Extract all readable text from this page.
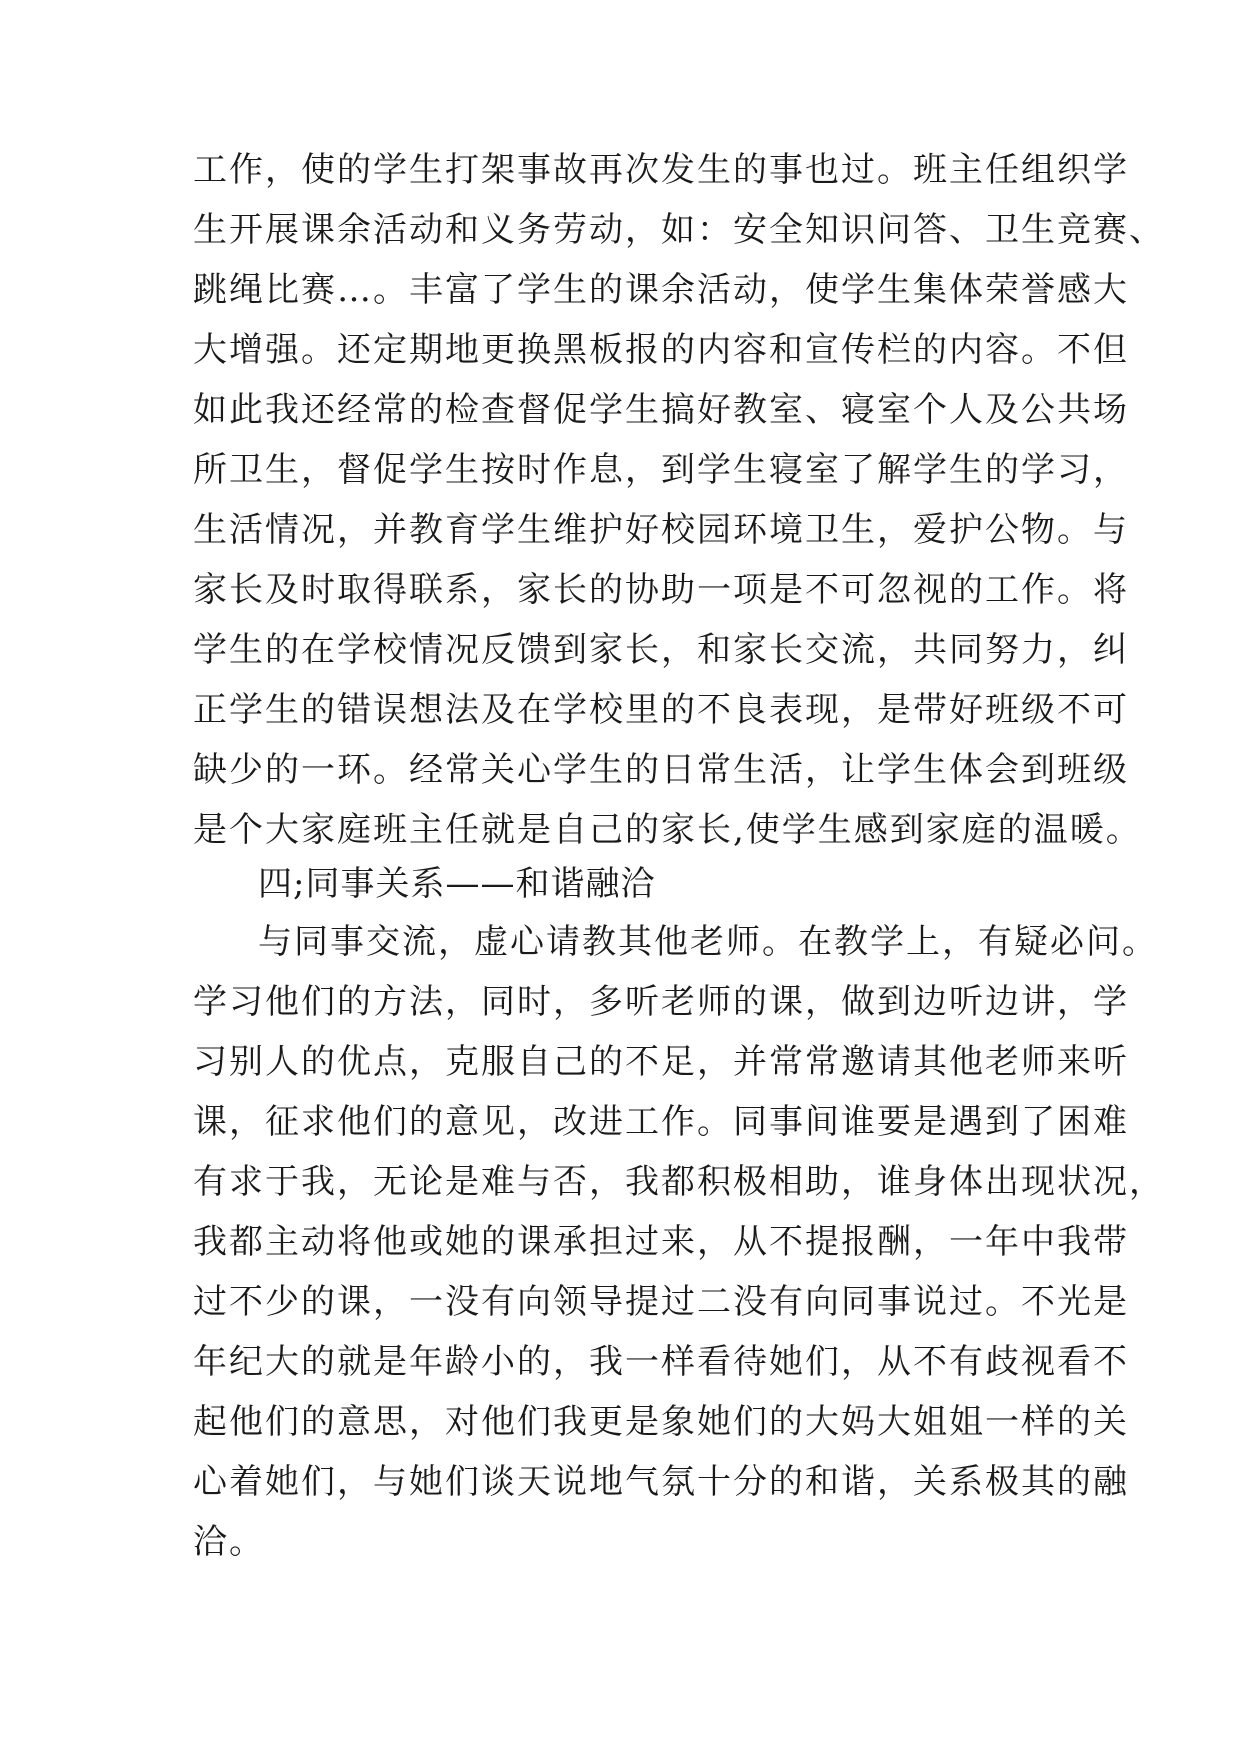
工作，使的学生打架事故再次发生的事也过。班主任组织学
生开展课余活动和义务劳动，如：安全知识问答、卫生竞赛、
跳绳比赛…。丰富了学生的课余活动，使学生集体荣誉感大
大增强。还定期地更换黑板报的内容和宣传栏的内容。不但
如此我还经常的检查督促学生搞好教室、寝室个人及公共场
所卫生，督促学生按时作息，到学生寝室了解学生的学习，
生活情况，并教育学生维护好校园环境卫生，爱护公物。与
家长及时取得联系，家长的协助一项是不可忽视的工作。将
学生的在学校情况反馈到家长，和家长交流，共同努力，纠
正学生的错误想法及在学校里的不良表现，是带好班级不可
缺少的一环。经常关心学生的日常生活，让学生体会到班级
是个大家庭班主任就是自己的家长,使学生感到家庭的温暖。
四;同事关系——和谐融洽
与同事交流，虚心请教其他老师。在教学上，有疑必问。
学习他们的方法，同时，多听老师的课，做到边听边讲，学
习别人的优点，克服自己的不足，并常常邀请其他老师来听
课，征求他们的意见，改进工作。同事间谁要是遇到了困难
有求于我，无论是难与否，我都积极相助，谁身体出现状况，
我都主动将他或她的课承担过来，从不提报酬，一年中我带
过不少的课，一没有向领导提过二没有向同事说过。不光是
年纪大的就是年龄小的，我一样看待她们，从不有歧视看不
起他们的意思，对他们我更是象她们的大妈大姐姐一样的关
心着她们，与她们谈天说地气氛十分的和谐，关系极其的融
洽。
